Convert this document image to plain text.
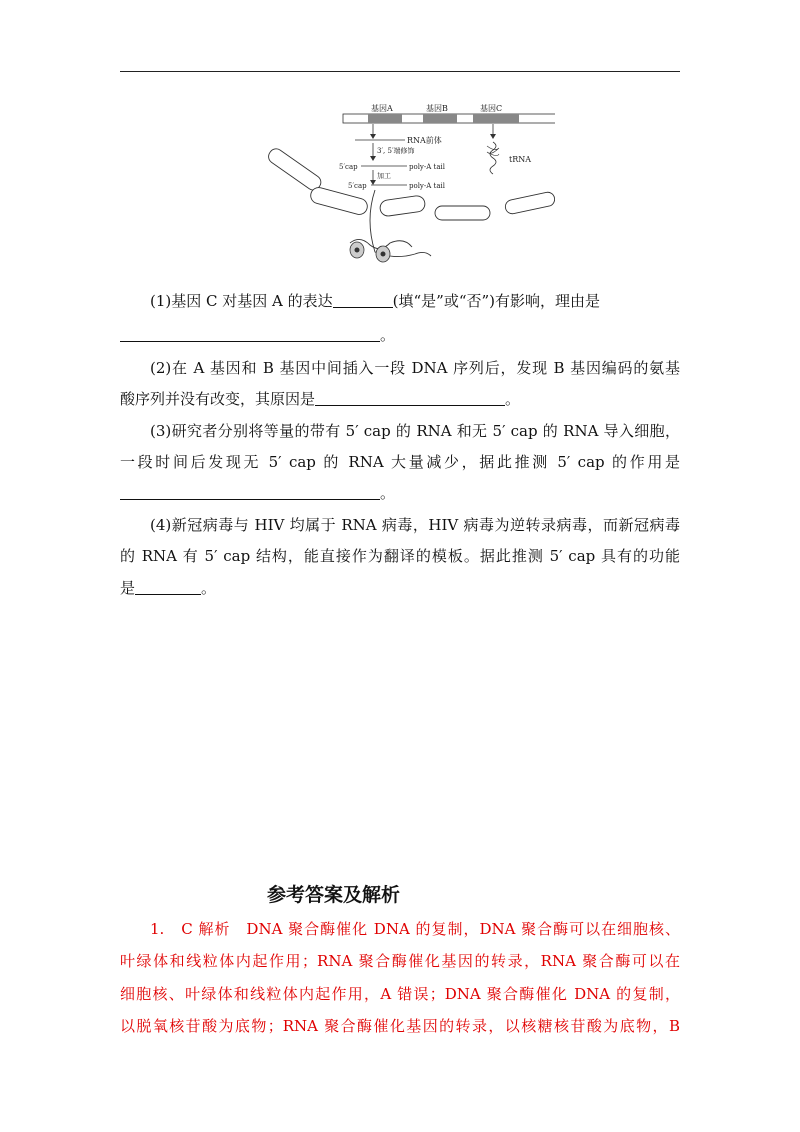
基因A	基因B	基因C
RNA前体
3′, 5′端修饰
5′cap	poly-A tail
加工
5′cap	poly-A tail
tRNA
(1)基因 C 对基因 A 的表达	(填“是”或“否”)有影响，理由是
。
(2)在 A 基因和 B 基因中间插入一段 DNA 序列后，发现 B 基因编码的氨基
酸序列并没有改变，其原因是	。
(3)研究者分别将等量的带有 5′ cap 的 RNA 和无 5′ cap 的 RNA 导入细胞，
一段时间后发现无 5′ cap 的 RNA 大量减少，据此推测 5′ cap 的作用是
。
(4)新冠病毒与 HIV 均属于 RNA 病毒，HIV 病毒为逆转录病毒，而新冠病毒
的 RNA 有 5′ cap 结构，能直接作为翻译的模板。据此推测 5′ cap 具有的功能
是	。
参考答案及解析
1.　C 解析　DNA 聚合酶催化 DNA 的复制，DNA 聚合酶可以在细胞核、
叶绿体和线粒体内起作用；RNA 聚合酶催化基因的转录，RNA 聚合酶可以在
细胞核、叶绿体和线粒体内起作用，A 错误；DNA 聚合酶催化 DNA 的复制，
以脱氧核苷酸为底物；RNA 聚合酶催化基因的转录，以核糖核苷酸为底物，B
